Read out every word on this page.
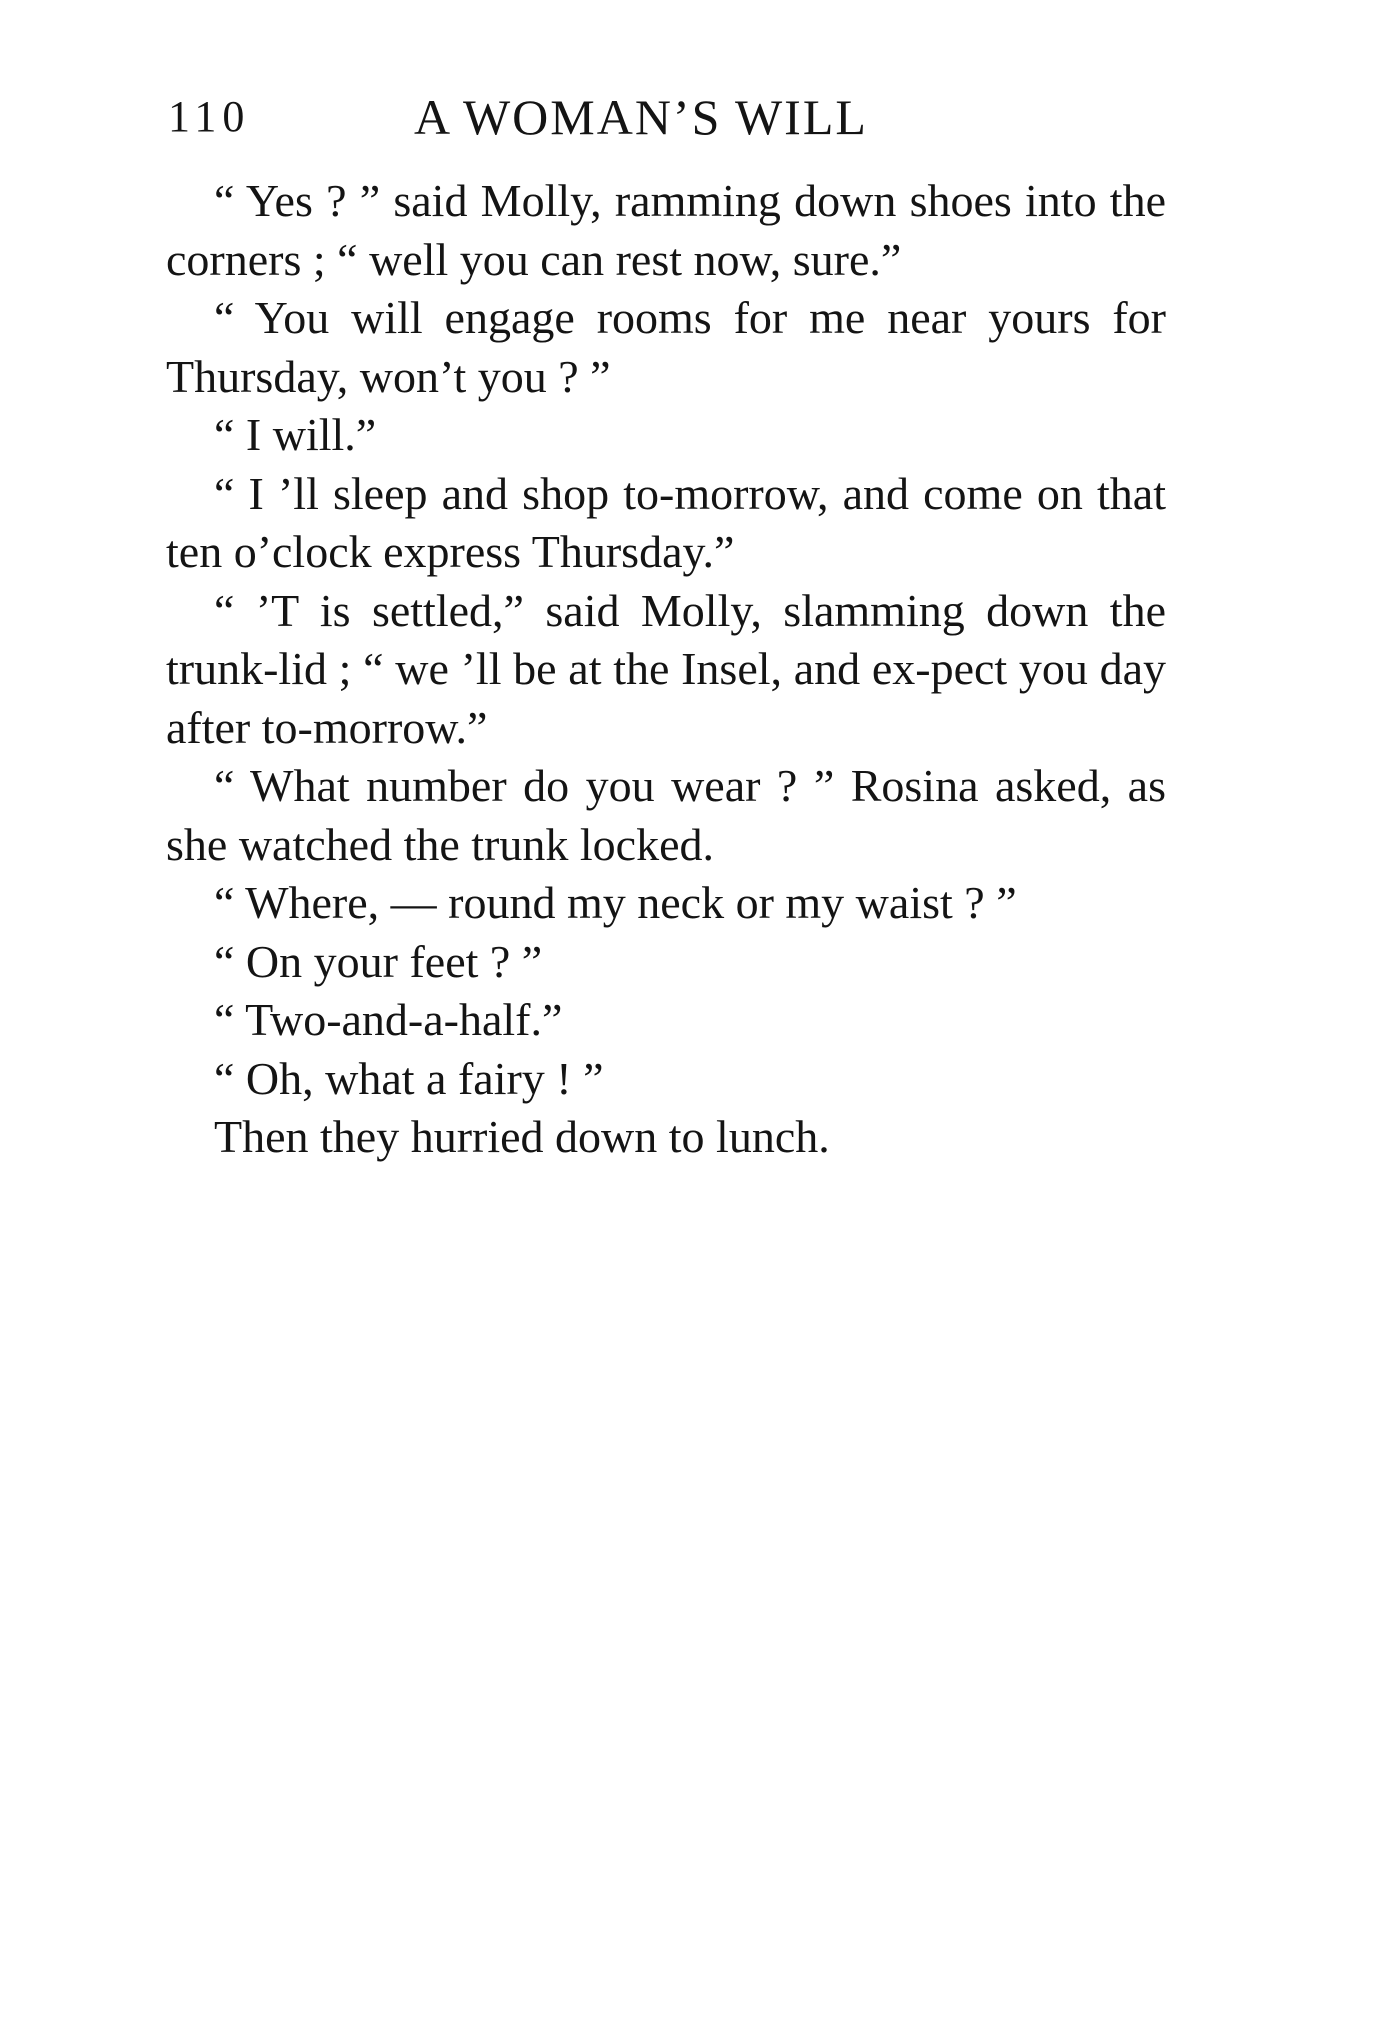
110	A WOMAN’S WILL

“ Yes ? ” said Molly, ramming down shoes into the corners ; “ well you can rest now, sure.”

“ You will engage rooms for me near yours for Thursday, won’t you ? ”

“ I will.”

“ I ’ll sleep and shop to-morrow, and come on that ten o’clock express Thursday.”

“ ’T is settled,” said Molly, slamming down the trunk-lid ; “ we ’ll be at the Insel, and ex-pect you day after to-morrow.”

“ What number do you wear ? ” Rosina asked, as she watched the trunk locked.

“ Where, — round my neck or my waist ? ”

“ On your feet ? ”

“ Two-and-a-half.”

“ Oh, what a fairy ! ”

Then they hurried down to lunch.
